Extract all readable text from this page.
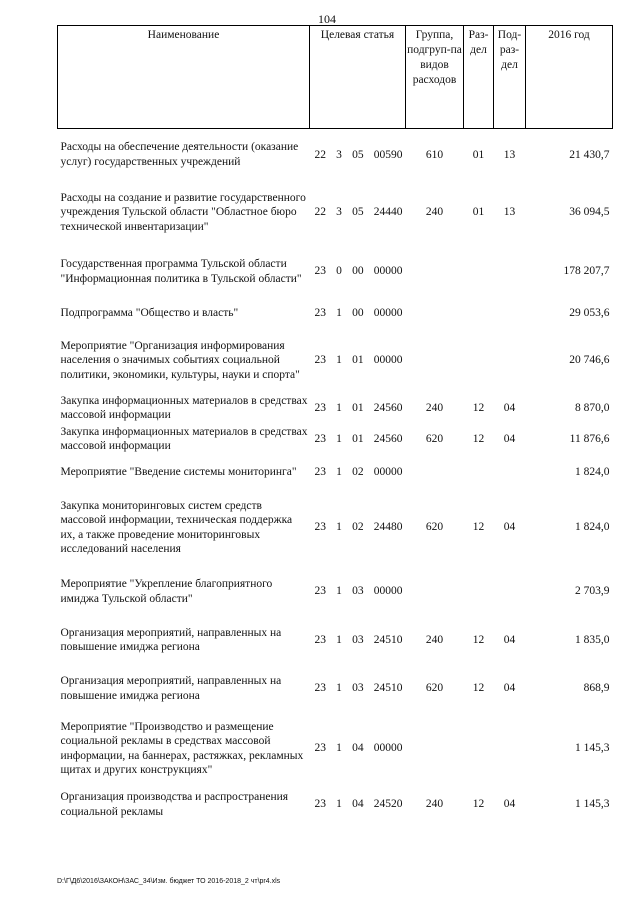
104
Наименование	Целевая статья	Группа, подгруп-па видов расходов	Раз-дел	Под-раз-дел	2016 год
Расходы на обеспечение деятельности (оказание услуг) государственных учреждений	22 3 05 00590	610	01	13	21 430,7
Расходы на создание и развитие государственного учреждения Тульской области "Областное бюро технической инвентаризации"	22 3 05 24440	240	01	13	36 094,5
Государственная программа Тульской области "Информационная политика в Тульской области"	23 0 00 00000				178 207,7
Подпрограмма "Общество и власть"	23 1 00 00000				29 053,6
Мероприятие "Организация информирования населения о значимых событиях социальной политики, экономики, культуры, науки и спорта"	23 1 01 00000				20 746,6
Закупка информационных материалов в средствах массовой информации	23 1 01 24560	240	12	04	8 870,0
Закупка информационных материалов в средствах массовой информации	23 1 01 24560	620	12	04	11 876,6
Мероприятие "Введение системы мониторинга"	23 1 02 00000				1 824,0
Закупка мониторинговых систем средств массовой информации, техническая поддержка их, а также проведение мониторинговых исследований населения	23 1 02 24480	620	12	04	1 824,0
Мероприятие "Укрепление благоприятного имиджа Тульской области"	23 1 03 00000				2 703,9
Организация мероприятий, направленных на повышение имиджа региона	23 1 03 24510	240	12	04	1 835,0
Организация мероприятий, направленных на повышение имиджа региона	23 1 03 24510	620	12	04	868,9
Мероприятие "Производство и размещение социальной рекламы в средствах массовой информации, на баннерах, растяжках, рекламных щитах и других конструкциях"	23 1 04 00000				1 145,3
Организация производства и распространения социальной рекламы	23 1 04 24520	240	12	04	1 145,3
D:\Г\Д6\2016\ЗАКОН\ЗАС_34\Изм. бюджет ТО 2016-2018_2 чт\pr4.xls
